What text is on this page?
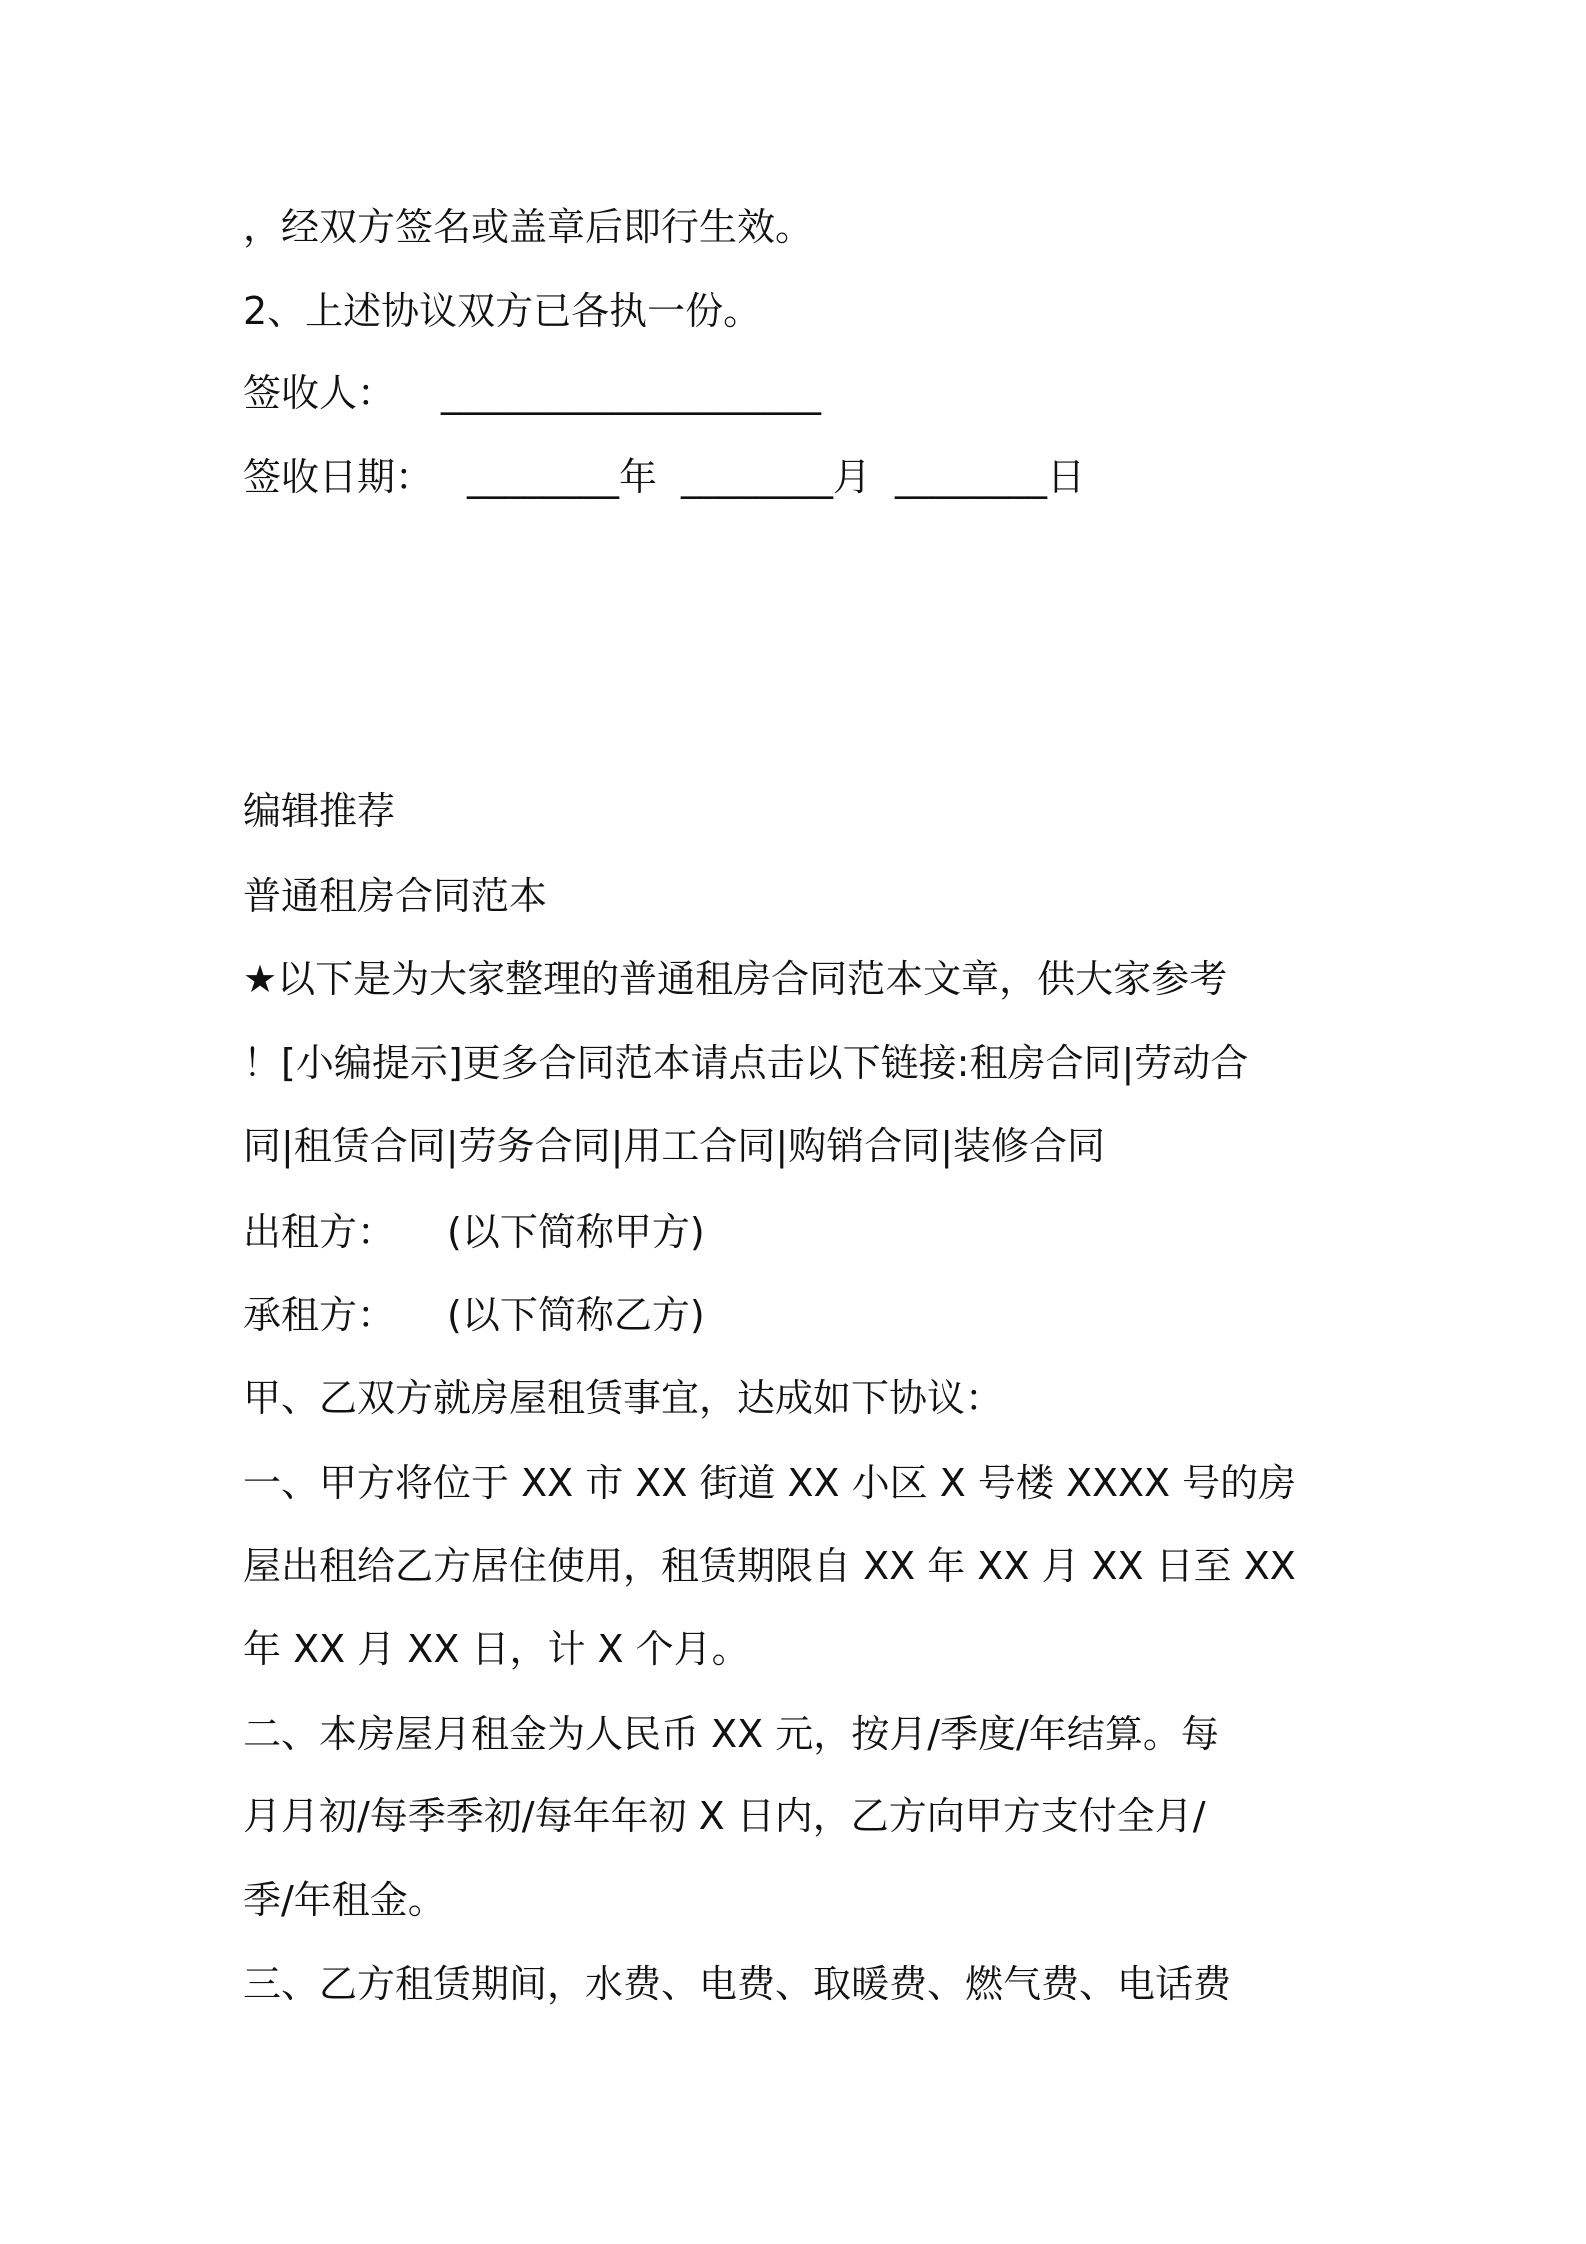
，经双方签名或盖章后即行生效。
2、上述协议双方已各执一份。
签收人： ____________________
签收日期： ________年 ________月 ________日
编辑推荐
普通租房合同范本
★以下是为大家整理的普通租房合同范本文章，供大家参考
！[小编提示]更多合同范本请点击以下链接:租房合同|劳动合
同|租赁合同|劳务合同|用工合同|购销合同|装修合同
出租方： (以下简称甲方)
承租方： (以下简称乙方)
甲、乙双方就房屋租赁事宜，达成如下协议：
一、甲方将位于 XX 市 XX 街道 XX 小区 X 号楼 XXXX 号的房
屋出租给乙方居住使用，租赁期限自 XX 年 XX 月 XX 日至 XX
年 XX 月 XX 日，计 X 个月。
二、本房屋月租金为人民币 XX 元，按月/季度/年结算。每
月月初/每季季初/每年年初 X 日内，乙方向甲方支付全月/
季/年租金。
三、乙方租赁期间，水费、电费、取暖费、燃气费、电话费
